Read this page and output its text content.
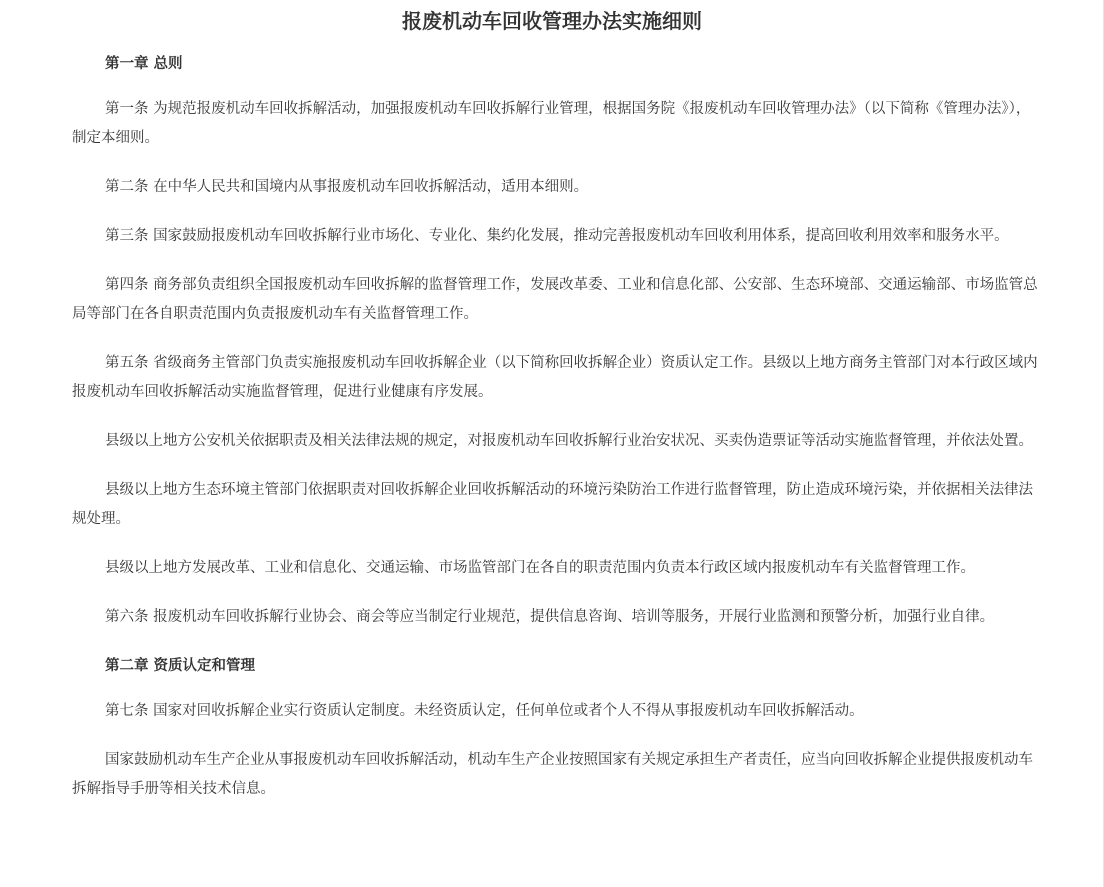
报废机动车回收管理办法实施细则

第一章 总则

第一条 为规范报废机动车回收拆解活动，加强报废机动车回收拆解行业管理，根据国务院《报废机动车回收管理办法》（以下简称《管理办法》），制定本细则。

第二条 在中华人民共和国境内从事报废机动车回收拆解活动，适用本细则。

第三条 国家鼓励报废机动车回收拆解行业市场化、专业化、集约化发展，推动完善报废机动车回收利用体系，提高回收利用效率和服务水平。

第四条 商务部负责组织全国报废机动车回收拆解的监督管理工作，发展改革委、工业和信息化部、公安部、生态环境部、交通运输部、市场监管总局等部门在各自职责范围内负责报废机动车有关监督管理工作。

第五条 省级商务主管部门负责实施报废机动车回收拆解企业（以下简称回收拆解企业）资质认定工作。县级以上地方商务主管部门对本行政区域内报废机动车回收拆解活动实施监督管理，促进行业健康有序发展。

县级以上地方公安机关依据职责及相关法律法规的规定，对报废机动车回收拆解行业治安状况、买卖伪造票证等活动实施监督管理，并依法处置。

县级以上地方生态环境主管部门依据职责对回收拆解企业回收拆解活动的环境污染防治工作进行监督管理，防止造成环境污染，并依据相关法律法规处理。

县级以上地方发展改革、工业和信息化、交通运输、市场监管部门在各自的职责范围内负责本行政区域内报废机动车有关监督管理工作。

第六条 报废机动车回收拆解行业协会、商会等应当制定行业规范，提供信息咨询、培训等服务，开展行业监测和预警分析，加强行业自律。

第二章 资质认定和管理

第七条 国家对回收拆解企业实行资质认定制度。未经资质认定，任何单位或者个人不得从事报废机动车回收拆解活动。

国家鼓励机动车生产企业从事报废机动车回收拆解活动，机动车生产企业按照国家有关规定承担生产者责任，应当向回收拆解企业提供报废机动车拆解指导手册等相关技术信息。
